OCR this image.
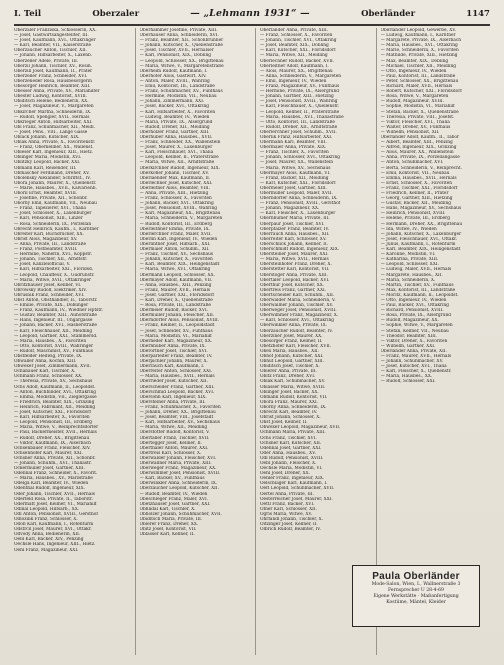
I. Teil	Oberzaler	— „Lehmann 1931“ —	Oberländer	1147
Oberzaler Franziska, Schlosserin, XX.
— Josef, Gastwirtsangestellter, III.
— Josef, Kaufmann, XVI., Ottakringer
— Karl, Beamter, VII., Kaiserstraße
Oberzaucher Anton, Tischler, XII.
— Johann, Hilfsarbeiter, X., Laxenb.
Oberzeller Adele, Private, III.
Oberzil Johann, Tischler, XV., Rosin.
Oberzill Josef, Kaufmann, II., Prater
Oberzeller Franz, Schneider, XVI.
Oberzeneder Rosa, Hausbesorgerin
Obesorger Heinrich, Beamter, XIII.
Obesser Anna, Private, XV., Mariahilfer
Obester Ludwig, Kontorist, XVIII.
Obiditsch Helene, Bedienerin, XX.
— Josef, Magazineur, V., Margareten
Obkircher Martha, Schneiderin, IX.
— Rudolf, Spengler, XVII., Hernals
Obkrieger Anton, Hilfsarbeiter, XXI.
Obl Franz, Schuhmacher, XII., Meidl.
— Josef, Pens., VIII., Lange Gasse
Oblack Johann, Kutscher, XIX.
Oblak Anna, Private, X., Favoritenstr.
— Franz, Oberkellner, XX., Wallenst.
Obleser Karl, Ingenieur, XIII., Hietz.
Oblinger Maria, Modistin, XVI.
Oblitzky Leopold, Bäcker, XXI.
Obmann Karl, Reisender, III.
Obmascher Ferdinand, Dreher, XV.
Obolensky Alexander, Schriftst., IV.
Obora Johann, Maurer, X., Quellenstr.
— Marie, Hausbes., XVII., Kalvarienb.
Oboril Ernst, Beamter, XVIII.
— Josefine, Private, XII., Schönbr.
Oborny Emil, Kaufmann, VII., Neubau
— Franz, Tapezierer, XVI., Thalia
— Josef, Schlosser, X., Laxenburger
— Karl, Pensionist, XIII., Linzer
— Rosa, Schneiderin, IX., Porzellan
Obrecht Heinrich, Kaufm., I., Kärntner
Obreiter Karl, Buchdrucker, XX.
Obrist Alois, Magazineur, XV.
— Anna, Private, III., Landstraße
— Franz, Postbeamter, XVIII.
— Hermine, Näherin, XVI., Koppstr.
— Johann, Tischler, XII., Arndtstr.
— Josef, Kanzleiofficial, V.
— Karl, Hilfsarbeiter, XXI., Floridsd.
— Leopold, Chauffeur, X., Gudrunstr.
— Maria, Witwe, XVII., Ottakringer
Obritzhauser Josef, Kellner, VI.
Obrowsky Rudolf, Elektriker, XIV.
Obrusnik Franz, Schneider, XVI.
Obst Anton, Obsthändler, II., Taborstr.
— Emilie, Private, XIX., Döblinger
— Franz, Kaufmann, IV., Wiedner Hptstr.
— Gustav, Beamter, XIII., Auhofstraße
— Hans, Ingenieur, III., Ungargasse
— Johann, Bäcker, XVI., Hasnerstraße
— Karl, Fleischhauer, XII., Meidling
— Leopold, Gärtner, XXI., Stammersd.
— Maria, Hausbes., X., Favoriten
— Otto, Kontorist, XVIII., Währinger
— Rudolf, Maschinist, XV., Fünfhaus
Obstfelder Hedwig, Private, IX.
Obwaller Anna, Köchin, XIII.
Obwexer Josef, Zimmermann, XVII.
Ochabauer Karl, Tischler, X.
Ochmann Franz, Schlosser, XX.
— Theresia, Private, XV., Sechshaus
Ochs Adolf, Kaufmann, II., Leopoldst.
— Anton, Buchbinder, XVI., Ottakring
— Emma, Modistin, VII., Zieglergasse
— Friedrich, Beamter, XIX., Grinzing
— Heinrich, Fabrikant, XII., Meidling
— Josef, Kutscher, XXI., Floridsdorf
— Karl, Hilfsarbeiter, X., Favoriten
— Leopold, Pensionist, III., Erdberg
— Maria, Witwe, V., Reinprechtsdorfer
— Paul, Bäckermeister, XVII., Hernals
— Rudolf, Dreher, XX., Brigittenau
— Viktor, Kaufmann, IX., Alserbach
Ochsenbauer Franz, Fleischer, XIV.
Ochsenhofer Karl, Maurer, XXI.
Ochsner Anna, Private, XII., Schönbr.
— Johann, Schuhm., XVI., Thaliastr.
Ockermüller Josef, Gärtner, XIII.
Odehnal Franz, Schneider, X., Favorit.
— Maria, Hausbes., XV., Märzstraße
Odelga Karl, Beamter, IV., Wieden
Odenthal Rudolf, Ingenieur, XIX.
Oder Johann, Tischler, XVII., Hernals
Oderfeld Rosa, Private, II., Taborstr.
Odermatt Josef, Kellner, VI., Mariahilf
Odinal Leopold, Hilfsarb., XX.
Odl Anton, Pensionist, XVIII., Gersthof
Odlozilik Franz, Schlosser, X.
Odon Karl, Kaufmann, I., Rotenturm
Odstrcil Josef, Maurer, XVI., Ottakr.
Odvody Anna, Bedienerin, XII.
Oebl Karl, Bäcker, XIV., Penzing
Oechsle Hans, Ingenieur, XIII., Hietz.
Oehl Franz, Magazineur, XXI.
Oberhammer Josefine, Private, XIII.
Oberhauser Anna, Schneiderin, XVI.
— Franz, Beamter, XII., Schönbrunner
— Johann, Kutscher, X., Quellenstraße
— Josef, Tischler, XVII., Hernalser
— Karl, Pensionist, XIX., Döbling
— Leopold, Schlosser, XX., Brigittenau
— Maria, Witwe, V., Margaretenstraße
Oberheim Rudolf, Kaufmann, I.
Oberhofer Alois, Gastwirt, XIV.
— Anton, Maler, XVIII., Währing
— Emil, Kontorist, III., Landstraße
— Franz, Schuhmacher, XV., Fünfhaus
— Hermine, Modistin, VII., Neubau
— Johann, Zimmermann, XXI.
— Josef, Bäcker, XVI., Ottakring
— Karl, Hilfsarbeiter, X., Favoriten
— Ludwig, Beamter, IV., Wieden
— Maria, Private, IX., Alsergrund
— Rudolf, Dreher, XII., Meidling
Oberholzer Franz, Gärtner, XIII.
Oberhuber Anna, Hausbes., XVII.
— Franz, Schneider, XX., Wallenstein
— Josef, Maurer, X., Laxenburger
— Karl, Fleischhauer, XVI., Thalia
— Leopold, Kellner, II., Praterstraße
— Maria, Witwe, XII., Arndtstraße
Oberkirchner Rudolf, Ingenieur, XIX.
Oberkofler Johann, Tischler, XV.
Oberlaender Max, Kaufmann, II.
Oberlechner Josef, Kutscher, XXI.
Oberleitner Alois, Beamter, VIII.
— Anna, Private, XIII., Hietzing
— Franz, Schlosser, X., Favoriten
— Johann, Bäcker, XVI., Ottakring
— Josef, Pensionist, XVIII., Währing
— Karl, Magazineur, XX., Brigittenau
— Maria, Schneiderin, V., Margareten
— Rudolf, Kontorist, III., Erdberg
Oberleithner Emma, Private, IX.
Oberlerchner Franz, Maler, XVII.
Oberlin Karl, Ingenieur, IV., Wieden
Oberlintner Josef, Hilfsarb., XXI.
Obermaier Anton, Schuhm., XII.
— Franz, Tischler, XV., Sechshaus
— Johann, Kutscher, X., Favoriten
— Karl, Beamter, XIX., Heiligenstadt
— Maria, Witwe, XVI., Ottakring
Obermann Leopold, Schlosser, XX.
Obermayer Adolf, Kaufmann, VII.
— Anna, Hausbes., XIII., Penzing
— Franz, Maurer, XVII., Hernals
— Josef, Gärtner, XXI., Floridsdorf
— Karl, Dreher, X., Quellenstraße
— Rosa, Private, III., Landstraße
Obermeier Rudolf, Bäcker, XVI.
Obermüller Johann, Fleischer, XII.
Oberndorfer Alois, Pensionist, XVIII.
— Franz, Kellner, II., Leopoldstadt
— Josef, Schneider, XV., Fünfhaus
— Maria, Modistin, VI., Mariahilf
Oberneder Karl, Magazineur, XX.
Obernhuber Anna, Private, IX.
Oberortner Josef, Tischler, XVI.
Oberparleiter Franz, Beamter, IV.
Oberpichler Johann, Maurer, X.
Oberrauch Karl, Kaufmann, I.
Oberreiter Anton, Schlosser, XXI.
— Maria, Hausbes., XVII., Hernals
Oberrieder Josef, Kutscher, XII.
Oberscheider Franz, Gärtner, XIII.
Oberschmid Leopold, Bäcker, XVI.
Obersohn Karl, Ingenieur, XIX.
Obersteiner Anna, Private, III.
— Franz, Schuhmacher, X., Favoriten
— Johann, Dreher, XX., Brigittenau
— Josef, Beamter, VIII., Josefstadt
— Karl, Hilfsarbeiter, XV., Sechshaus
— Maria, Witwe, XII., Meidling
Oberstötter Rudolf, Kontorist, V.
Obertaller Franz, Tischler, XVII.
Obertegger Josef, Kellner, II.
Oberthaler Anton, Maurer, XXI.
Obertreis Karl, Schlosser, X.
Oberwalder Johann, Fleischer, XVI.
Oberwallner Maria, Private, XIII.
Oberweger Franz, Magazineur, XX.
Oberwimmer Josef, Pensionist, XVIII.
— Karl, Bäcker, XV., Fünfhaus
Oberwinkler Anna, Schneiderin, IX.
Oberzaucher Leopold, Kutscher, XII.
— Rudolf, Beamter, IV., Wieden
Obeschleger Franz, Maler, XVI.
Obetzhauser Josef, Gärtner, XXI.
Obhlidal Karl, Tischler, X.
Obholzer Johann, Schuhmacher, XVII.
Obiditsch Maria, Private, III.
Obierer Franz, Dreher, XX.
Obitz Josef, Kontorist, VII.
Oblasser Karl, Kellner, II.
Oberländer Anna, Private, XIII.
— Franz, Schlosser, X., Favoriten
— Johann, Tischler, XVI., Ottakring
— Josef, Beamter, XIX., Döbling
— Karl, Kutscher, XXI., Floridsdorf
— Maria, Witwe, XII., Meidling
Oberlechner Rudolf, Bäcker, XVII.
Oberleitner Adolf, Kaufmann, I.
— Alois, Maurer, XX., Brigittenau
— Anna, Schneiderin, V., Margareten
— Emil, Ingenieur, IV., Wieden
— Franz, Magazineur, XV., Fünfhaus
— Hermine, Private, IX., Alsergrund
— Johann, Gärtner, XIII., Hietzing
— Josef, Pensionist, XVIII., Währing
— Karl, Fleischhauer, X., Quellenstr.
— Leopold, Kellner, II., Praterstraße
— Maria, Hausbes., XVI., Thaliastraße
— Otto, Kontorist, III., Landstraße
— Rudolf, Dreher, XII., Arndtstraße
Oberlerchner Josef, Schuhm., XVII.
Oberlik Franz, Hilfsarbeiter, XXI.
Obermann Karl, Beamter, VIII.
Obermaier Anna, Private, XIX.
— Franz, Tischler, X., Favoriten
— Johann, Schlosser, XVI., Ottakring
— Josef, Maurer, XX., Wallenstein
— Maria, Witwe, XV., Sechshaus
Obermayer Alois, Kaufmann, VI.
— Franz, Bäcker, XII., Meidling
— Karl, Kutscher, XXI., Floridsdorf
Obermeier Josef, Gärtner, XIII.
Obermüller Leopold, Maler, XVII.
Oberndorfer Anna, Schneiderin, IX.
— Franz, Pensionist, XVIII., Gersthof
— Johann, Magazineur, XX.
— Karl, Fleischer, X., Laxenburger
Obernhumer Maria, Private, III.
Oberpaur Josef, Tischler, XVI.
Oberpfalzer Franz, Beamter, IV.
Oberrauch Anna, Hausbes., XII.
Oberreiter Karl, Schlosser, XV.
Oberschlick Johann, Kellner, II.
Oberschmidt Rudolf, Ingenieur, XIX.
Obersteiner Josef, Maurer, XXI.
— Maria, Witwe, XVII., Hernals
Obersteinhofer Franz, Dreher, X.
Oberstetter Karl, Kontorist, VII.
Oberstöger Anna, Private, XIII.
Obertaler Leopold, Bäcker, XVI.
Oberthür Josef, Kutscher, XX.
Obertreis Franz, Gärtner, XXI.
Obertscheider Karl, Schuhm., XII.
Oberwalder Maria, Schneiderin, V.
Oberwallner Johann, Tischler, XV.
Oberweger Josef, Pensionist, XVIII.
Oberwimmer Franz, Magazineur, X.
— Karl, Schlosser, XVI., Ottakring
Oberwinkler Anna, Private, IX.
Oberzaucher Rudolf, Beamter, IV.
Oberziner Josef, Maurer, XX.
Obesorger Franz, Kellner, II.
Obetzhofer Karl, Fleischer, XVII.
Obex Maria, Hausbes., XII.
Obhof Johann, Kutscher, XXI.
Obhut Leopold, Gärtner, XIII.
Obiditsch Josef, Tischler, X.
Obierer Anna, Private, III.
Obitz Franz, Dreher, XVI.
Oblak Karl, Schuhmacher, XV.
Oblasser Maria, Witwe, XVIII.
Oblinger Josef, Bäcker, XX.
Obmann Rudolf, Kontorist, VII.
Obora Franz, Maurer, XXI.
Oborny Anna, Schneiderin, IX.
Obrecht Karl, Beamter, IV.
Obrist Johann, Schlosser, X.
Obst Josef, Kellner, II.
Obwexer Leopold, Magazineur, XVII.
Ochmann Maria, Private, XIII.
Ochs Franz, Tischler, XVI.
Ochsner Karl, Kutscher, XII.
Odehnal Josef, Gärtner, XXI.
Oder Anna, Hausbes., XV.
Odl Rudolf, Pensionist, XVIII.
Oebl Johann, Fleischer, X.
Oechsle Maria, Modistin, VI.
Oehl Josef, Dreher, XX.
Oehler Franz, Ingenieur, XIX.
Oelschläger Karl, Kaufmann, I.
Oerl Leopold, Schuhmacher, XVII.
Oertel Anna, Private, III.
Oesterreicher Josef, Maurer, XXI.
Oettl Franz, Bäcker, XVI.
Ofner Karl, Schlosser, XII.
Ogris Maria, Witwe, XV.
Ohrfandl Johann, Tischler, X.
Oitzinger Josef, Kellner, II.
Olbrich Rudolf, Beamter, IV.
Oberländer Leopold, Gewerbe, XV.
— Ludwig, Kaufmann, I., Kärntner
— Margarete, Private, IX., Alserbach
— Maria, Hausbes., XVI., Ottakring
— Marie, Schneiderin, X., Favoriten
— Mathilde, Private, XIII., Hietzing
— Max, Beamter, XIX., Döbling
— Michael, Tischler, XII., Meidling
— Otto, Ingenieur, IV., Wieden
— Paul, Kontorist, III., Landstraße
— Peter, Schlosser, XX., Brigittenau
— Richard, Maler, XVII., Hernals
— Robert, Kutscher, XXI., Floridsdorf
— Rosa, Witwe, V., Margareten
— Rudolf, Magazineur, XVIII.
— Sophie, Modistin, VI., Mariahilf
— Stefan, Bäcker, X., Quellenstraße
— Theresia, Private, VIII., Josefst.
— Viktor, Fleischer, XVI., Thalia
— Walter, Dreher, XV., Fünfhaus
— Wilhelm, Pensionist, XII.
Oberländer Adolf, Kaufm., II., Tabor
— Albert, Beamter, XIII., Penzing
— Alfred, Ingenieur, XIX., Grinzing
— Alois, Maurer, XX., Wallenstein
— Anna, Private, IX., Porzellangasse
— Anton, Schuhmacher, XVI.
— Berta, Schneiderin, V., Reinprecht.
— Emil, Kontorist, VII., Neubau
— Emma, Hausbes., XVII., Hernals
— Ernst, Schlosser, X., Favoriten
— Franz, Tischler, XXI., Floridsdorf
— Friedrich, Kellner, II., Prater
— Georg, Gärtner, XIII., Hietzing
— Gustav, Bäcker, XII., Meidling
— Hans, Magazineur, XV., Sechshaus
— Heinrich, Pensionist, XVIII.
— Helene, Private, III., Erdberg
— Hermann, Dreher, XX., Brigittenau
— Ida, Witwe, IV., Wieden
— Johann, Kutscher, X., Laxenburger
— Josef, Fleischhauer, XVI., Ottakr.
— Julius, Kaufmann, I., Rotenturm
— Karl, Beamter, XIX., Heiligenstadt
— Karoline, Modistin, VI.
— Katharina, Private, XIII.
— Leopold, Schlosser, XXI.
— Ludwig, Maler, XVII., Hernals
— Margarete, Hausbes., XII.
— Maria, Schneiderin, X.
— Martin, Tischler, XV., Fünfhaus
— Max, Kontorist, III., Landstraße
— Moritz, Kaufmann, II., Leopoldst.
— Otto, Ingenieur, IV., Wieden
— Paul, Bäcker, XVI., Ottakring
— Richard, Pensionist, XVIII.
— Rosa, Private, IX., Alsergrund
— Rudolf, Magazineur, XX.
— Sophie, Witwe, V., Margareten
— Stefan, Kellner, VII., Neubau
— Theodor, Beamter, XIII.
— Viktor, Dreher, X., Favoriten
— Wilhelm, Gärtner, XXI.
Oberlander Anna, Private, XII.
— Franz, Maurer, XVII., Hernals
— Johann, Schuhmacher, XV.
— Josef, Kutscher, XVI., Thalia
— Karl, Fleischer, X., Quellenstr.
— Maria, Hausbes., XX.
— Rudolf, Schlosser, XXI.
Paula Oberländer
Mode-Salon, Wien, I., Wallnerstraße 3
Fernsprecher U 28-4-69
Eigene Werkstätte · Maßanfertigung
Kostüme, Mäntel, Kleider
